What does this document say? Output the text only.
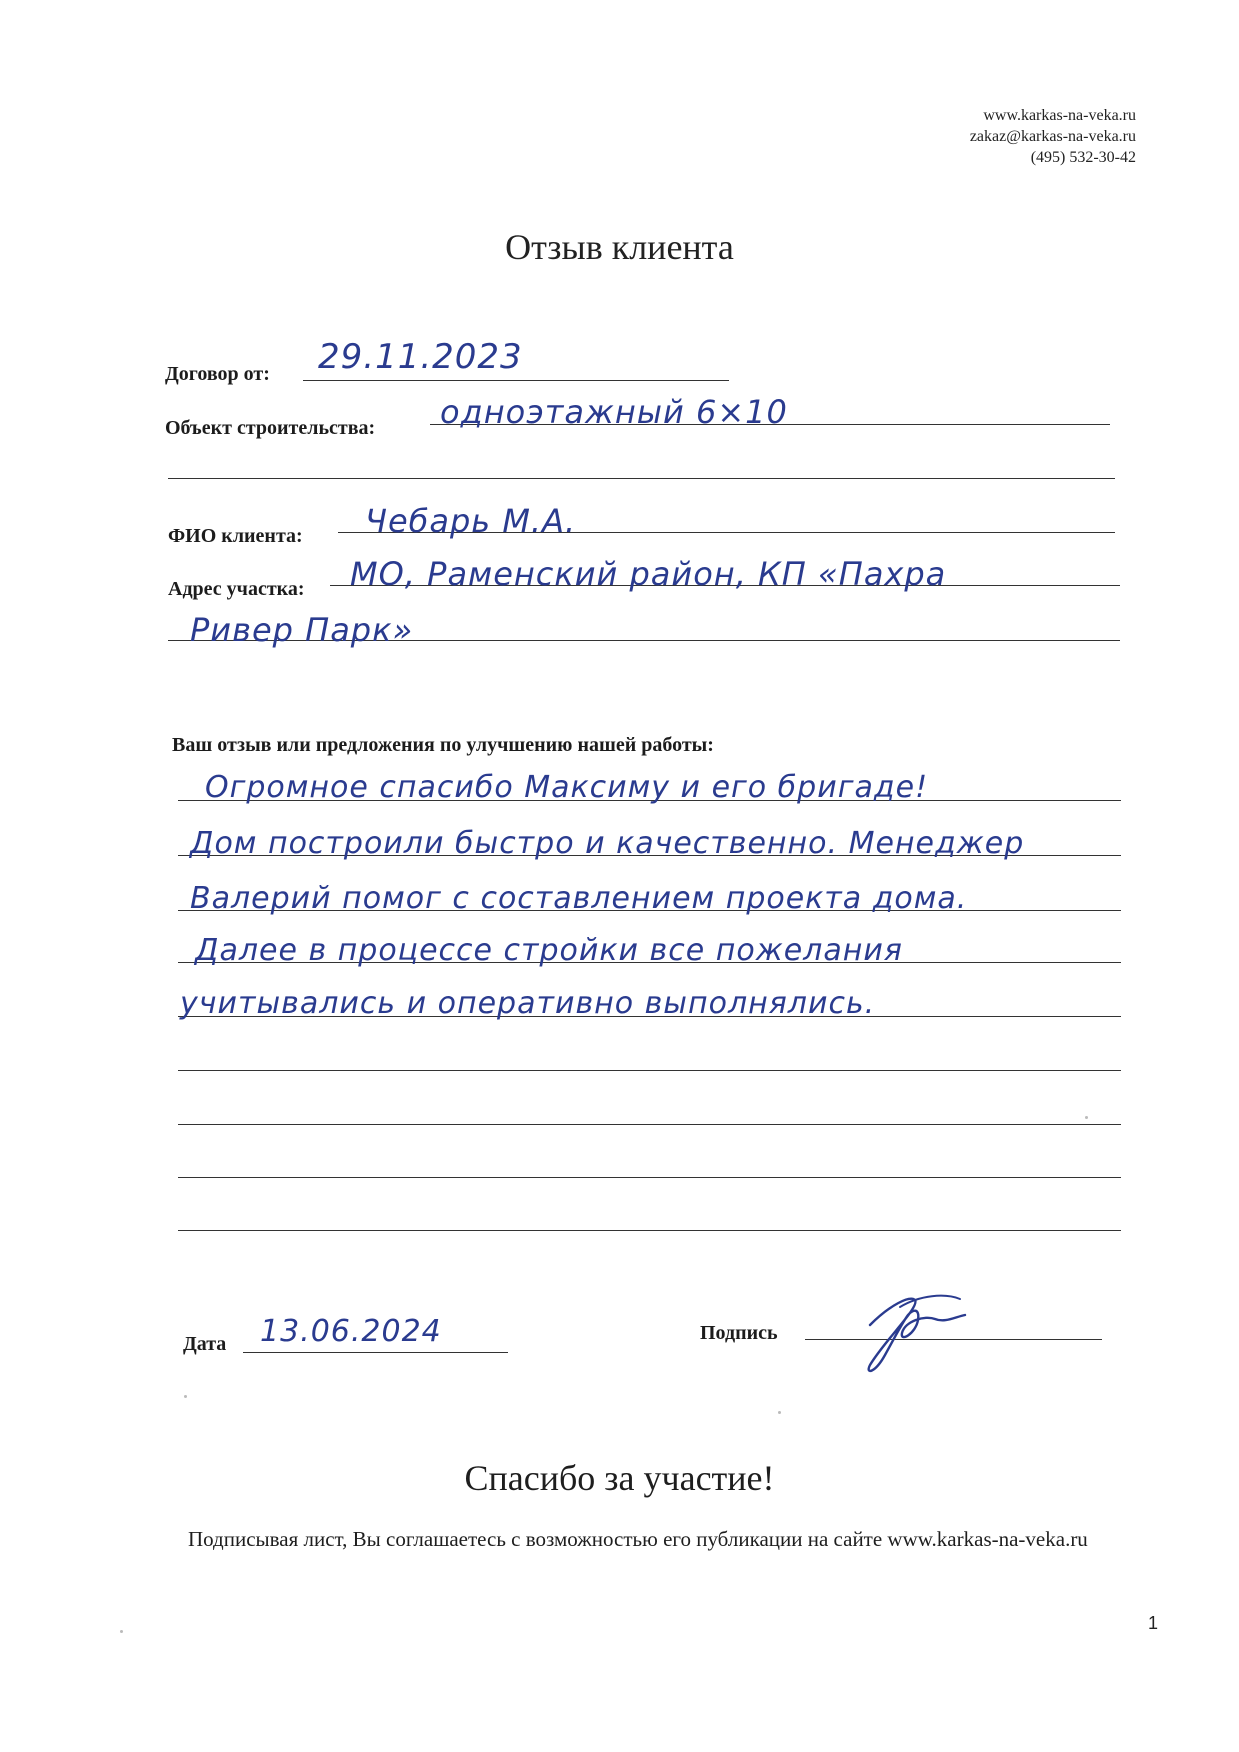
www.karkas-na-veka.ru
zakaz@karkas-na-veka.ru
(495) 532-30-42
Отзыв клиента
Договор от: 29.11.2023
Объект строительства: одноэтажный 6×10
ФИО клиента: Чебарь М.А.
Адрес участка: МО, Раменский район, КП «Пахра
Ривер Парк»
Ваш отзыв или предложения по улучшению нашей работы:
Огромное спасибо Максиму и его бригаде!
Дом построили быстро и качественно. Менеджер
Валерий помог с составлением проекта дома.
Далее в процессе стройки все пожелания
учитывались и оперативно выполнялись.
Дата 13.06.2024	Подпись
Спасибо за участие!
Подписывая лист, Вы соглашаетесь с возможностью его публикации на сайте www.karkas-na-veka.ru
1
